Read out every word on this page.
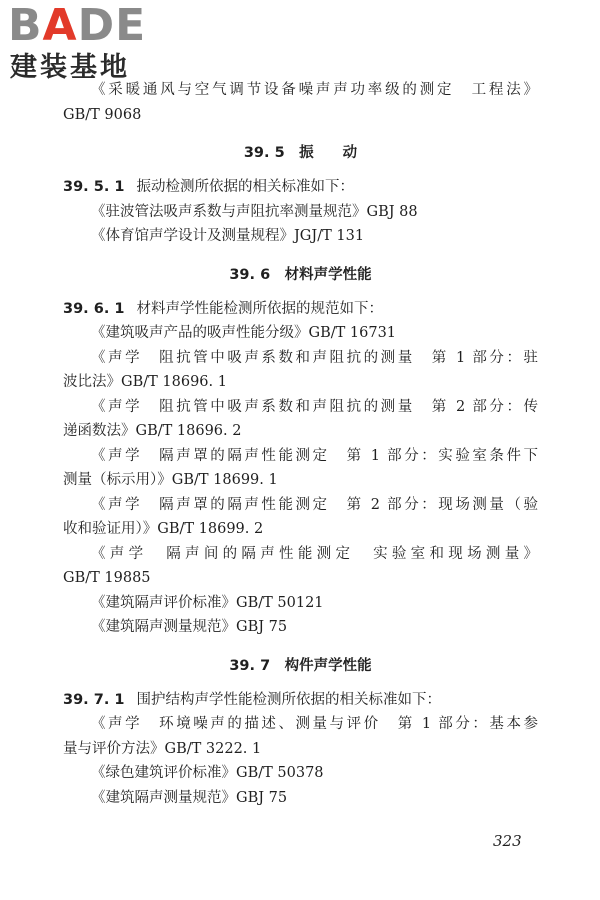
BADE
建装基地
《采暖通风与空气调节设备噪声声功率级的测定　工程法》
GB/T 9068
39. 5　振　　动
39. 5. 1 振动检测所依据的相关标准如下：
《驻波管法吸声系数与声阻抗率测量规范》GBJ 88
《体育馆声学设计及测量规程》JGJ/T 131
39. 6　材料声学性能
39. 6. 1 材料声学性能检测所依据的规范如下：
《建筑吸声产品的吸声性能分级》GB/T 16731
《声学　阻抗管中吸声系数和声阻抗的测量　第 1 部分：驻
波比法》GB/T 18696. 1
《声学　阻抗管中吸声系数和声阻抗的测量　第 2 部分：传
递函数法》GB/T 18696. 2
《声学　隔声罩的隔声性能测定　第 1 部分：实验室条件下
测量（标示用）》GB/T 18699. 1
《声学　隔声罩的隔声性能测定　第 2 部分：现场测量（验
收和验证用）》GB/T 18699. 2
《声学　隔声间的隔声性能测定　实验室和现场测量》
GB/T 19885
《建筑隔声评价标准》GB/T 50121
《建筑隔声测量规范》GBJ 75
39. 7　构件声学性能
39. 7. 1 围护结构声学性能检测所依据的相关标准如下：
《声学　环境噪声的描述、测量与评价　第 1 部分：基本参
量与评价方法》GB/T 3222. 1
《绿色建筑评价标准》GB/T 50378
《建筑隔声测量规范》GBJ 75
323
